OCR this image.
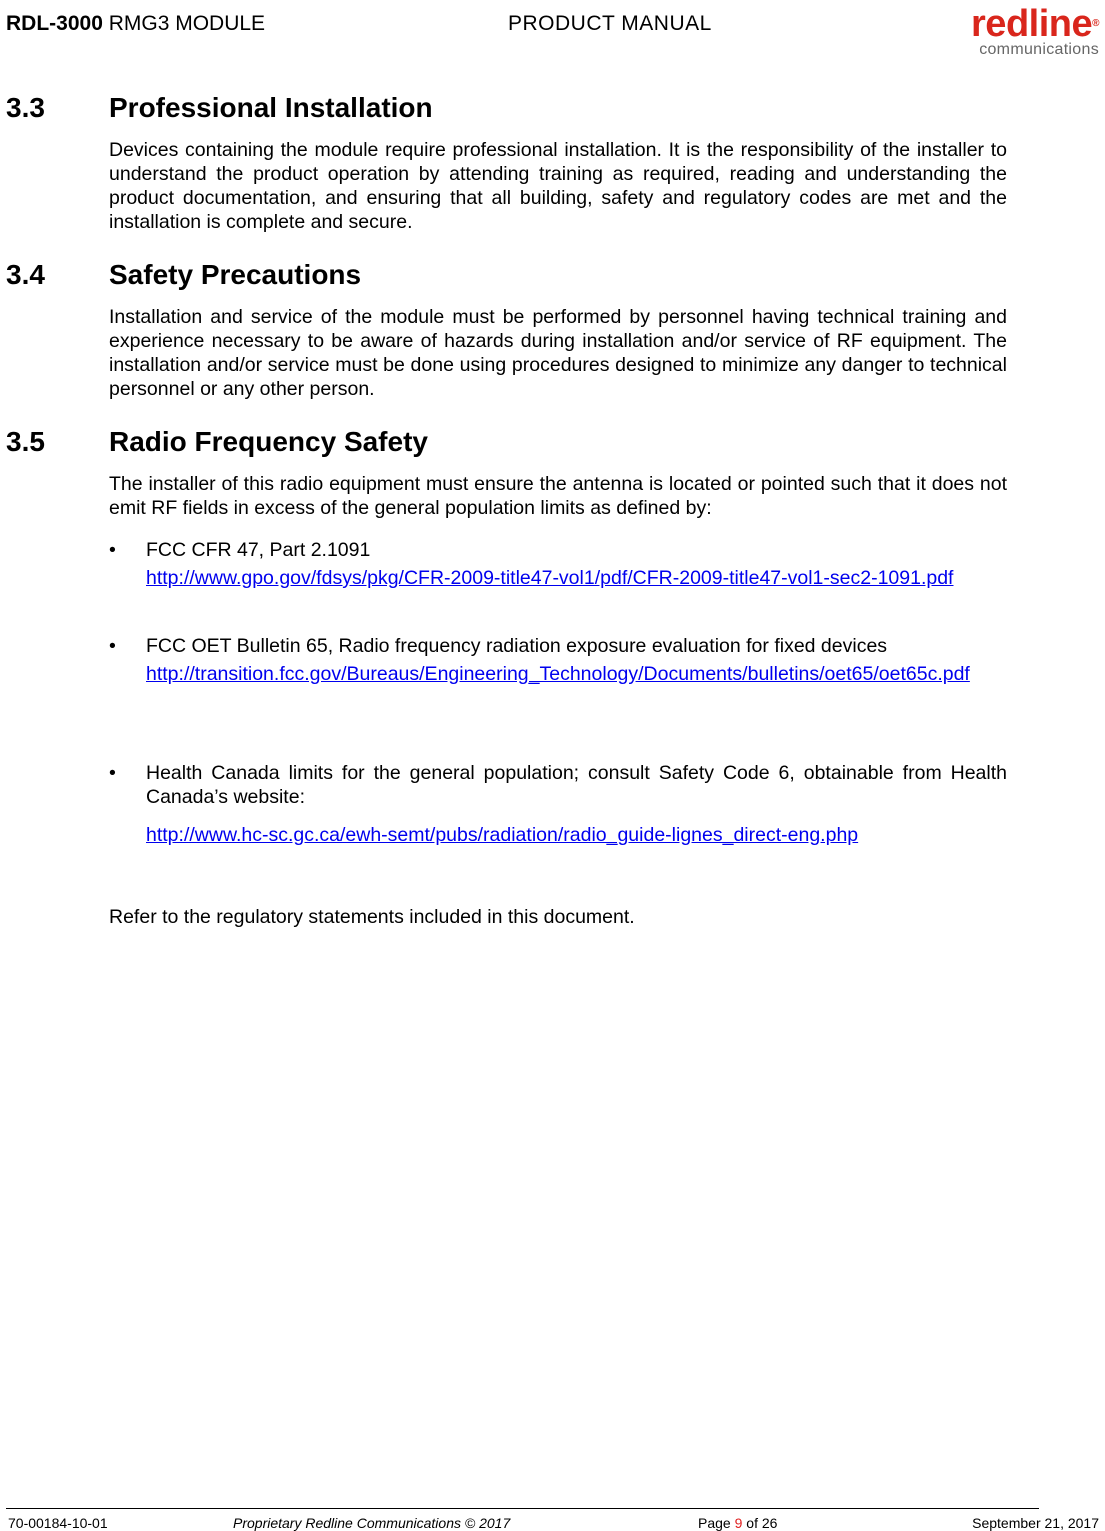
RDL-3000 RMG3 MODULE	PRODUCT MANUAL	redline®
communications
3.3 Professional Installation

Devices containing the module require professional installation. It is the responsibility of the installer to understand the product operation by attending training as required, reading and understanding the product documentation, and ensuring that all building, safety and regulatory codes are met and the installation is complete and secure.

3.4 Safety Precautions

Installation and service of the module must be performed by personnel having technical training and experience necessary to be aware of hazards during installation and/or service of RF equipment. The installation and/or service must be done using procedures designed to minimize any danger to technical personnel or any other person.

3.5 Radio Frequency Safety

The installer of this radio equipment must ensure the antenna is located or pointed such that it does not emit RF fields in excess of the general population limits as defined by:

• FCC CFR 47, Part 2.1091
http://www.gpo.gov/fdsys/pkg/CFR-2009-title47-vol1/pdf/CFR-2009-title47-vol1-sec2-1091.pdf
• FCC OET Bulletin 65, Radio frequency radiation exposure evaluation for fixed devices
http://transition.fcc.gov/Bureaus/Engineering_Technology/Documents/bulletins/oet65/oet65c.pdf
• Health Canada limits for the general population; consult Safety Code 6, obtainable from Health Canada’s website:
http://www.hc-sc.gc.ca/ewh-semt/pubs/radiation/radio_guide-lignes_direct-eng.php

Refer to the regulatory statements included in this document.

70-00184-10-01	Proprietary Redline Communications © 2017	Page 9 of 26	September 21, 2017
